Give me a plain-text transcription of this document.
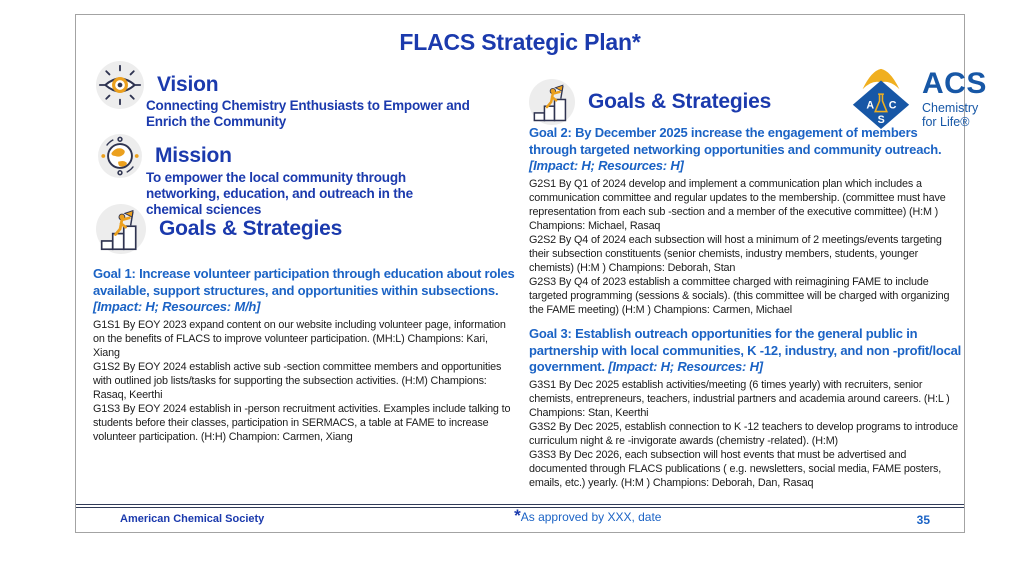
FLACS Strategic Plan*
Vision
Connecting Chemistry Enthusiasts to Empower and Enrich the Community
Mission
To empower the local community through networking, education, and outreach in the chemical sciences
Goals & Strategies
Goal 1: Increase volunteer participation through education about roles available, support structures, and opportunities within subsections. [Impact: H; Resources: M/h]

G1S1 By EOY 2023 expand content on our website including volunteer page, information on the benefits of FLACS to improve volunteer participation. (MH:L) Champions: Kari, Xiang

G1S2 By EOY 2024 establish active sub -section committee members and opportunities with outlined job lists/tasks for supporting the subsection activities. (H:M) Champions: Rasaq, Keerthi

G1S3 By EOY 2024 establish in -person recruitment activities. Examples include talking to students before their classes, participation in SERMACS, a table at FAME to increase volunteer participation. (H:H) Champion: Carmen, Xiang

Goals & Strategies	A C
S
ACS
Chemistry for Life®
Goal 2: By December 2025 increase the engagement of members through targeted networking opportunities and community outreach. [Impact: H; Resources: H]

G2S1 By Q1 of 2024 develop and implement a communication plan which includes a communication committee and regular updates to the membership. (committee must have representation from each sub -section and a member of the executive committee) (H:M ) Champions: Michael, Rasaq

G2S2 By Q4 of 2024 each subsection will host a minimum of 2 meetings/events targeting their subsection constituents (senior chemists, industry members, students, younger chemists) (H:M ) Champions: Deborah, Stan

G2S3 By Q4 of 2023 establish a committee charged with reimagining FAME to include targeted programming (sessions & socials). (this committee will be charged with organizing the FAME meeting) (H:M ) Champions: Carmen, Michael

Goal 3: Establish outreach opportunities for the general public in partnership with local communities, K -12, industry, and non -profit/local government. [Impact: H; Resources: H]

G3S1 By Dec 2025 establish activities/meeting (6 times yearly) with recruiters, senior chemists, entrepreneurs, teachers, industrial partners and academia around careers. (H:L ) Champions: Stan, Keerthi

G3S2 By Dec 2025, establish connection to K -12 teachers to develop programs to introduce curriculum night & re -invigorate awards (chemistry -related). (H:M)

G3S3 By Dec 2026, each subsection will host events that must be advertised and documented through FLACS publications ( e.g. newsletters, social media, FAME posters, emails, etc.) yearly. (H:M ) Champions: Deborah, Dan, Rasaq

American Chemical Society	*As approved by XXX, date	35
